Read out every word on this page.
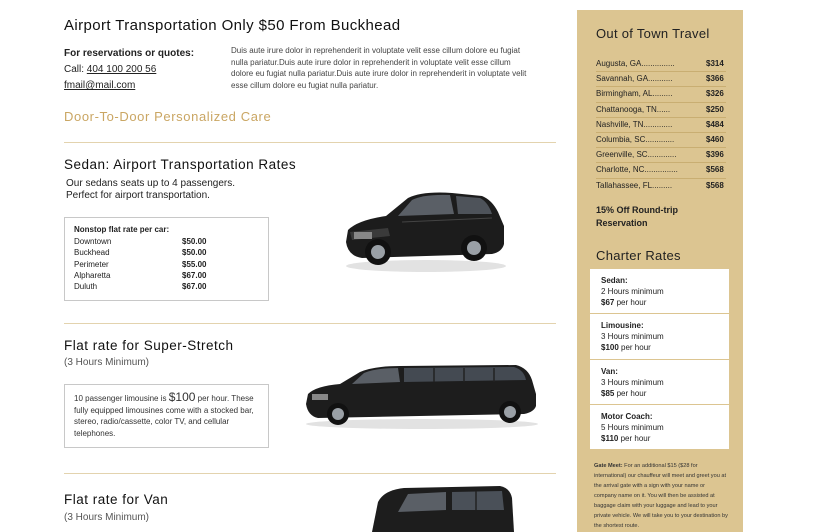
Airport Transportation Only $50 From Buckhead
For reservations or quotes:
Call: 404 100 200 56
fmail@mail.com
Duis aute irure dolor in reprehenderit in voluptate velit esse cillum dolore eu fugiat nulla pariatur.Duis aute irure dolor in reprehenderit in voluptate velit esse cillum dolore eu fugiat nulla pariatur.Duis aute irure dolor in reprehenderit in voluptate velit esse cillum dolore eu fugiat nulla pariatur.
Door-To-Door Personalized Care
Sedan: Airport Transportation Rates
Our sedans seats up to 4 passengers.
Perfect for airport transportation.
Nonstop flat rate per car:
Downtown	$50.00
Buckhead	$50.00
Perimeter	$55.00
Alpharetta	$67.00
Duluth	$67.00
Flat rate for Super-Stretch
(3 Hours Minimum)
10 passenger limousine is $100 per hour. These fully equipped limousines come with a stocked bar, stereo, radio/cassette, color TV, and cellular telephones.
Flat rate for Van
(3 Hours Minimum)
Out of Town Travel
Augusta, GA...............	$314
Savannah, GA...........	$366
Birmingham, AL.........	$326
Chattanooga, TN......	$250
Nashville, TN.............	$484
Columbia, SC.............	$460
Greenville, SC.............	$396
Charlotte, NC...............	$568
Tallahassee, FL.........	$568
15% Off Round-trip Reservation
Charter Rates
Sedan:
2 Hours minimum
$67 per hour
Limousine:
3 Hours minimum
$100 per hour
Van:
3 Hours minimum
$85 per hour
Motor Coach:
5 Hours minimum
$110 per hour
Gate Meet: For an additional $15 ($28 for international) our chauffeur will meet and greet you at the arrival gate with a sign with your name or company name on it. You will then be assisted at baggage claim with your luggage and lead to your private vehicle. We will take you to your destination by the shortest route.
